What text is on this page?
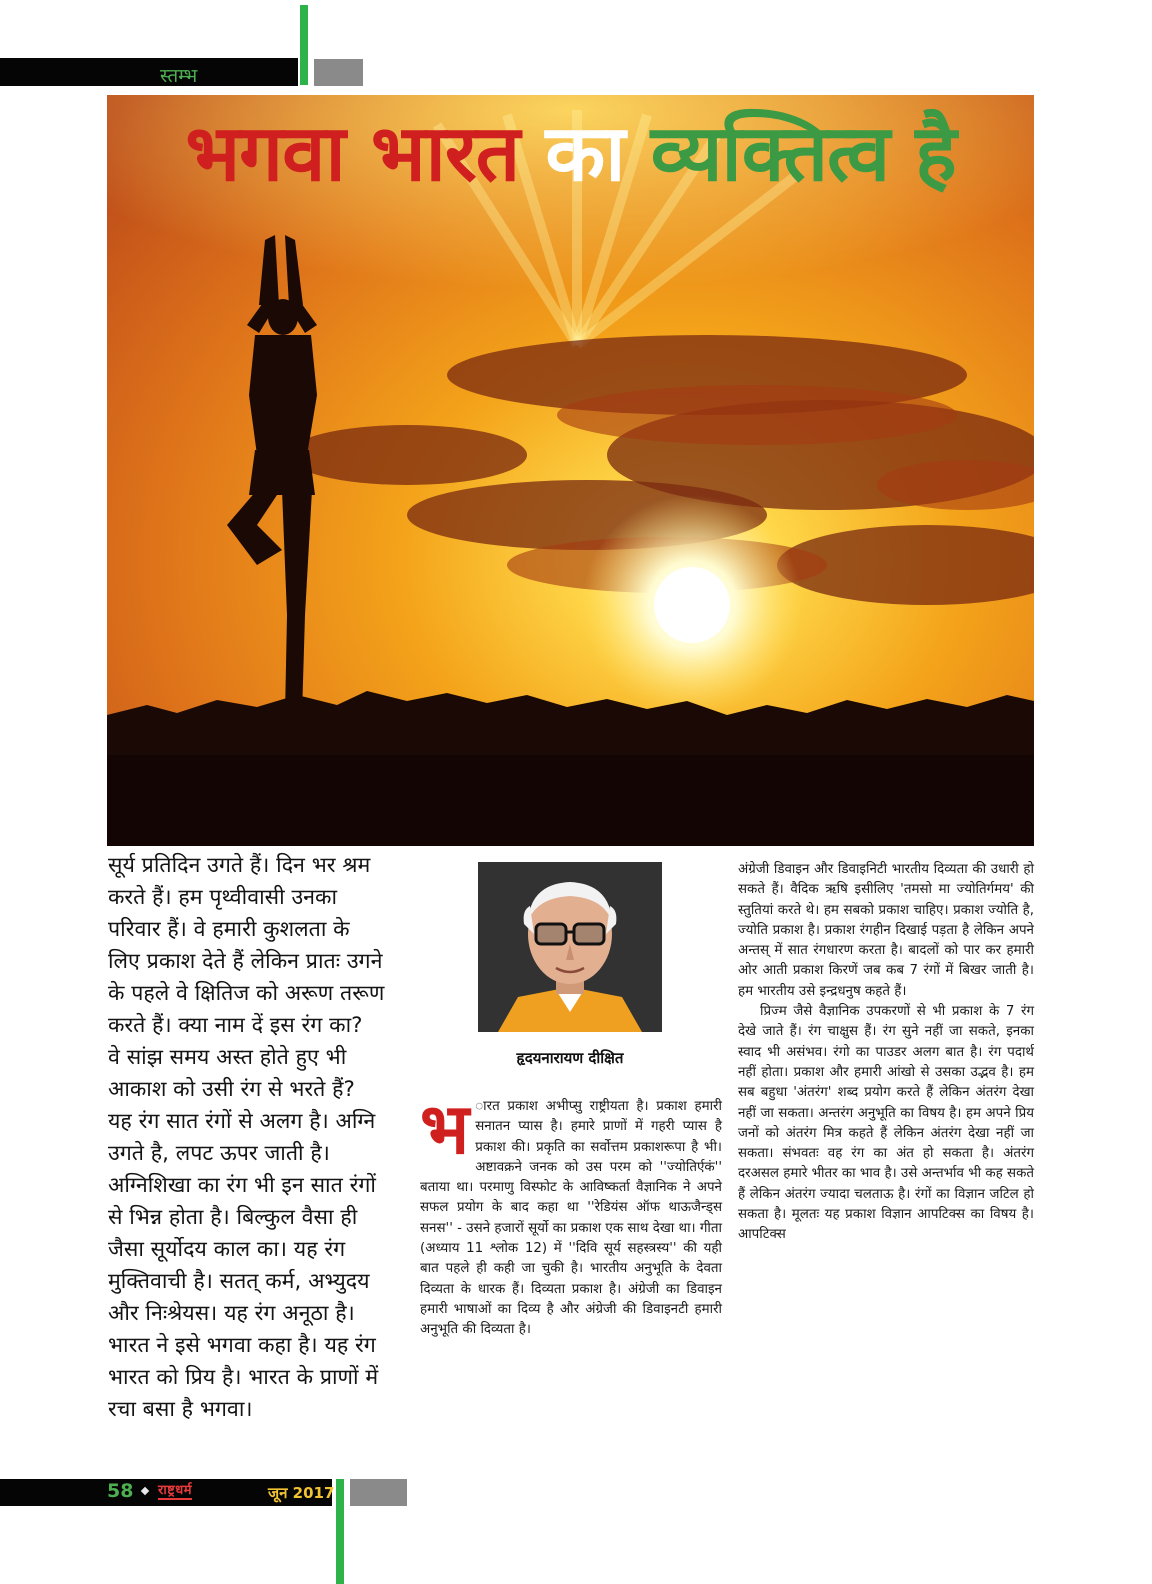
स्तम्भ
भगवा भारत का व्यक्तित्व है

सूर्य प्रतिदिन उगते हैं। दिन भर श्रम

करते हैं। हम पृथ्वीवासी उनका

परिवार हैं। वे हमारी कुशलता के

लिए प्रकाश देते हैं लेकिन प्रातः उगने

के पहले वे क्षितिज को अरूण तरूण

करते हैं। क्या नाम दें इस रंग का?

वे सांझ समय अस्त होते हुए भी

आकाश को उसी रंग से भरते हैं?

यह रंग सात रंगों से अलग है। अग्नि

उगते है, लपट ऊपर जाती है।

अग्निशिखा का रंग भी इन सात रंगों

से भिन्न होता है। बिल्कुल वैसा ही

जैसा सूर्योदय काल का। यह रंग

मुक्तिवाची है। सतत् कर्म, अभ्युदय

और निःश्रेयस। यह रंग अनूठा है।

भारत ने इसे भगवा कहा है। यह रंग

भारत को प्रिय है। भारत के प्राणों में

रचा बसा है भगवा।

हृदयनारायण दीक्षित
भ ारत प्रकाश अभीप्सु राष्ट्रीयता है। प्रकाश हमारी सनातन प्यास है। हमारे प्राणों में गहरी प्यास है प्रकाश की। प्रकृति का सर्वोत्तम प्रकाशरूपा है भी। अष्टावक्रने जनक को उस परम को ''ज्योतिर्एकं'' बताया था। परमाणु विस्फोट के आविष्कर्ता वैज्ञानिक ने अपने सफल प्रयोग के बाद कहा था ''रेडियंस ऑफ थाऊजैन्ड्स सनस'' - उसने हजारों सूर्यो का प्रकाश एक साथ देखा था। गीता (अध्याय 11 श्लोक 12) में ''दिवि सूर्य सहस्त्रस्य'' की यही बात पहले ही कही जा चुकी है। भारतीय अनुभूति के देवता दिव्यता के धारक हैं। दिव्यता प्रकाश है। अंग्रेजी का डिवाइन हमारी भाषाओं का दिव्य है और अंग्रेजी की डिवाइनटी हमारी अनुभूति की दिव्यता है।

अंग्रेजी डिवाइन और डिवाइनिटी भारतीय दिव्यता की उधारी हो सकते हैं। वैदिक ऋषि इसीलिए 'तमसो मा ज्योतिर्गमय' की स्तुतियां करते थे। हम सबको प्रकाश चाहिए। प्रकाश ज्योति है, ज्योति प्रकाश है। प्रकाश रंगहीन दिखाई पड़ता है लेकिन अपने अन्तस् में सात रंगधारण करता है। बादलों को पार कर हमारी ओर आती प्रकाश किरणें जब कब 7 रंगों में बिखर जाती है। हम भारतीय उसे इन्द्रधनुष कहते हैं।

प्रिज्म जैसे वैज्ञानिक उपकरणों से भी प्रकाश के 7 रंग देखे जाते हैं। रंग चाक्षुस हैं। रंग सुने नहीं जा सकते, इनका स्वाद भी असंभव। रंगो का पाउडर अलग बात है। रंग पदार्थ नहीं होता। प्रकाश और हमारी आंखो से उसका उद्भव है। हम सब बहुधा 'अंतरंग' शब्द प्रयोग करते हैं लेकिन अंतरंग देखा नहीं जा सकता। अन्तरंग अनुभूति का विषय है। हम अपने प्रिय जनों को अंतरंग मित्र कहते हैं लेकिन अंतरंग देखा नहीं जा सकता। संभवतः वह रंग का अंत हो सकता है। अंतरंग दरअसल हमारे भीतर का भाव है। उसे अन्तर्भाव भी कह सकते हैं लेकिन अंतरंग ज्यादा चलताऊ है। रंगों का विज्ञान जटिल हो सकता है। मूलतः यह प्रकाश विज्ञान आपटिक्स का विषय है। आपटिक्स

58 राष्ट्रधर्म	जून 2017
